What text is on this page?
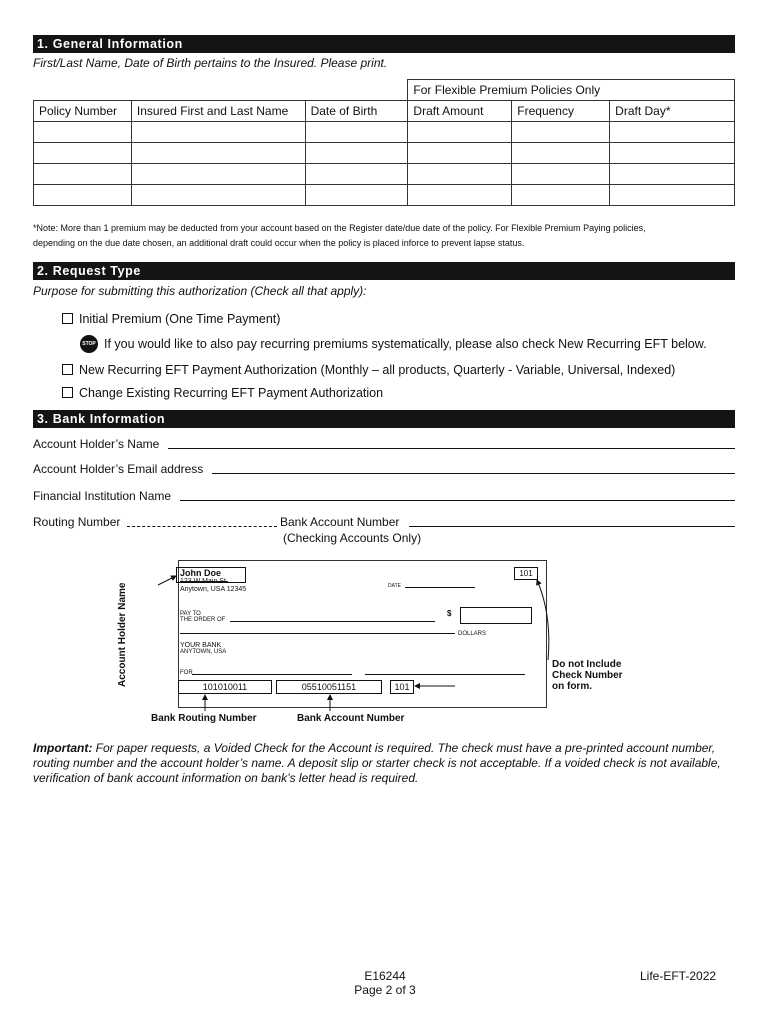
1. General Information
First/Last Name, Date of Birth pertains to the Insured. Please print.
			For Flexible Premium Policies Only		
Policy Number	Insured First and Last Name	Date of Birth	Draft Amount	Frequency	Draft Day*

*Note: More than 1 premium may be deducted from your account based on the Register date/due date of the policy. For Flexible Premium Paying policies,
depending on the due date chosen, an additional draft could occur when the policy is placed inforce to prevent lapse status.
2. Request Type
Purpose for submitting this authorization (Check all that apply):
Initial Premium (One Time Payment)
STOP If you would like to also pay recurring premiums systematically, please also check New Recurring EFT below.
New Recurring EFT Payment Authorization (Monthly – all products, Quarterly - Variable, Universal, Indexed)
Change Existing Recurring EFT Payment Authorization
3. Bank Information
Account Holder’s Name
Account Holder’s Email address
Financial Institution Name
Routing Number	Bank Account Number
(Checking Accounts Only)
Account Holder Name
John Doe
123 W Main St.
Anytown, USA 12345	DATE
101
PAY TO
THE ORDER OF
$
DOLLARS
YOUR BANK
ANYTOWN, USA
FOR
101010011	05510051151	101
Bank Routing Number	Bank Account Number
Do not Include
Check Number
on form.
Important: For paper requests, a Voided Check for the Account is required. The check must have a pre-printed account number, routing number and the account holder’s name. A deposit slip or starter check is not acceptable. If a voided check is not available, verification of bank account information on bank’s letter head is required.
E16244
Page 2 of 3
Life-EFT-2022
